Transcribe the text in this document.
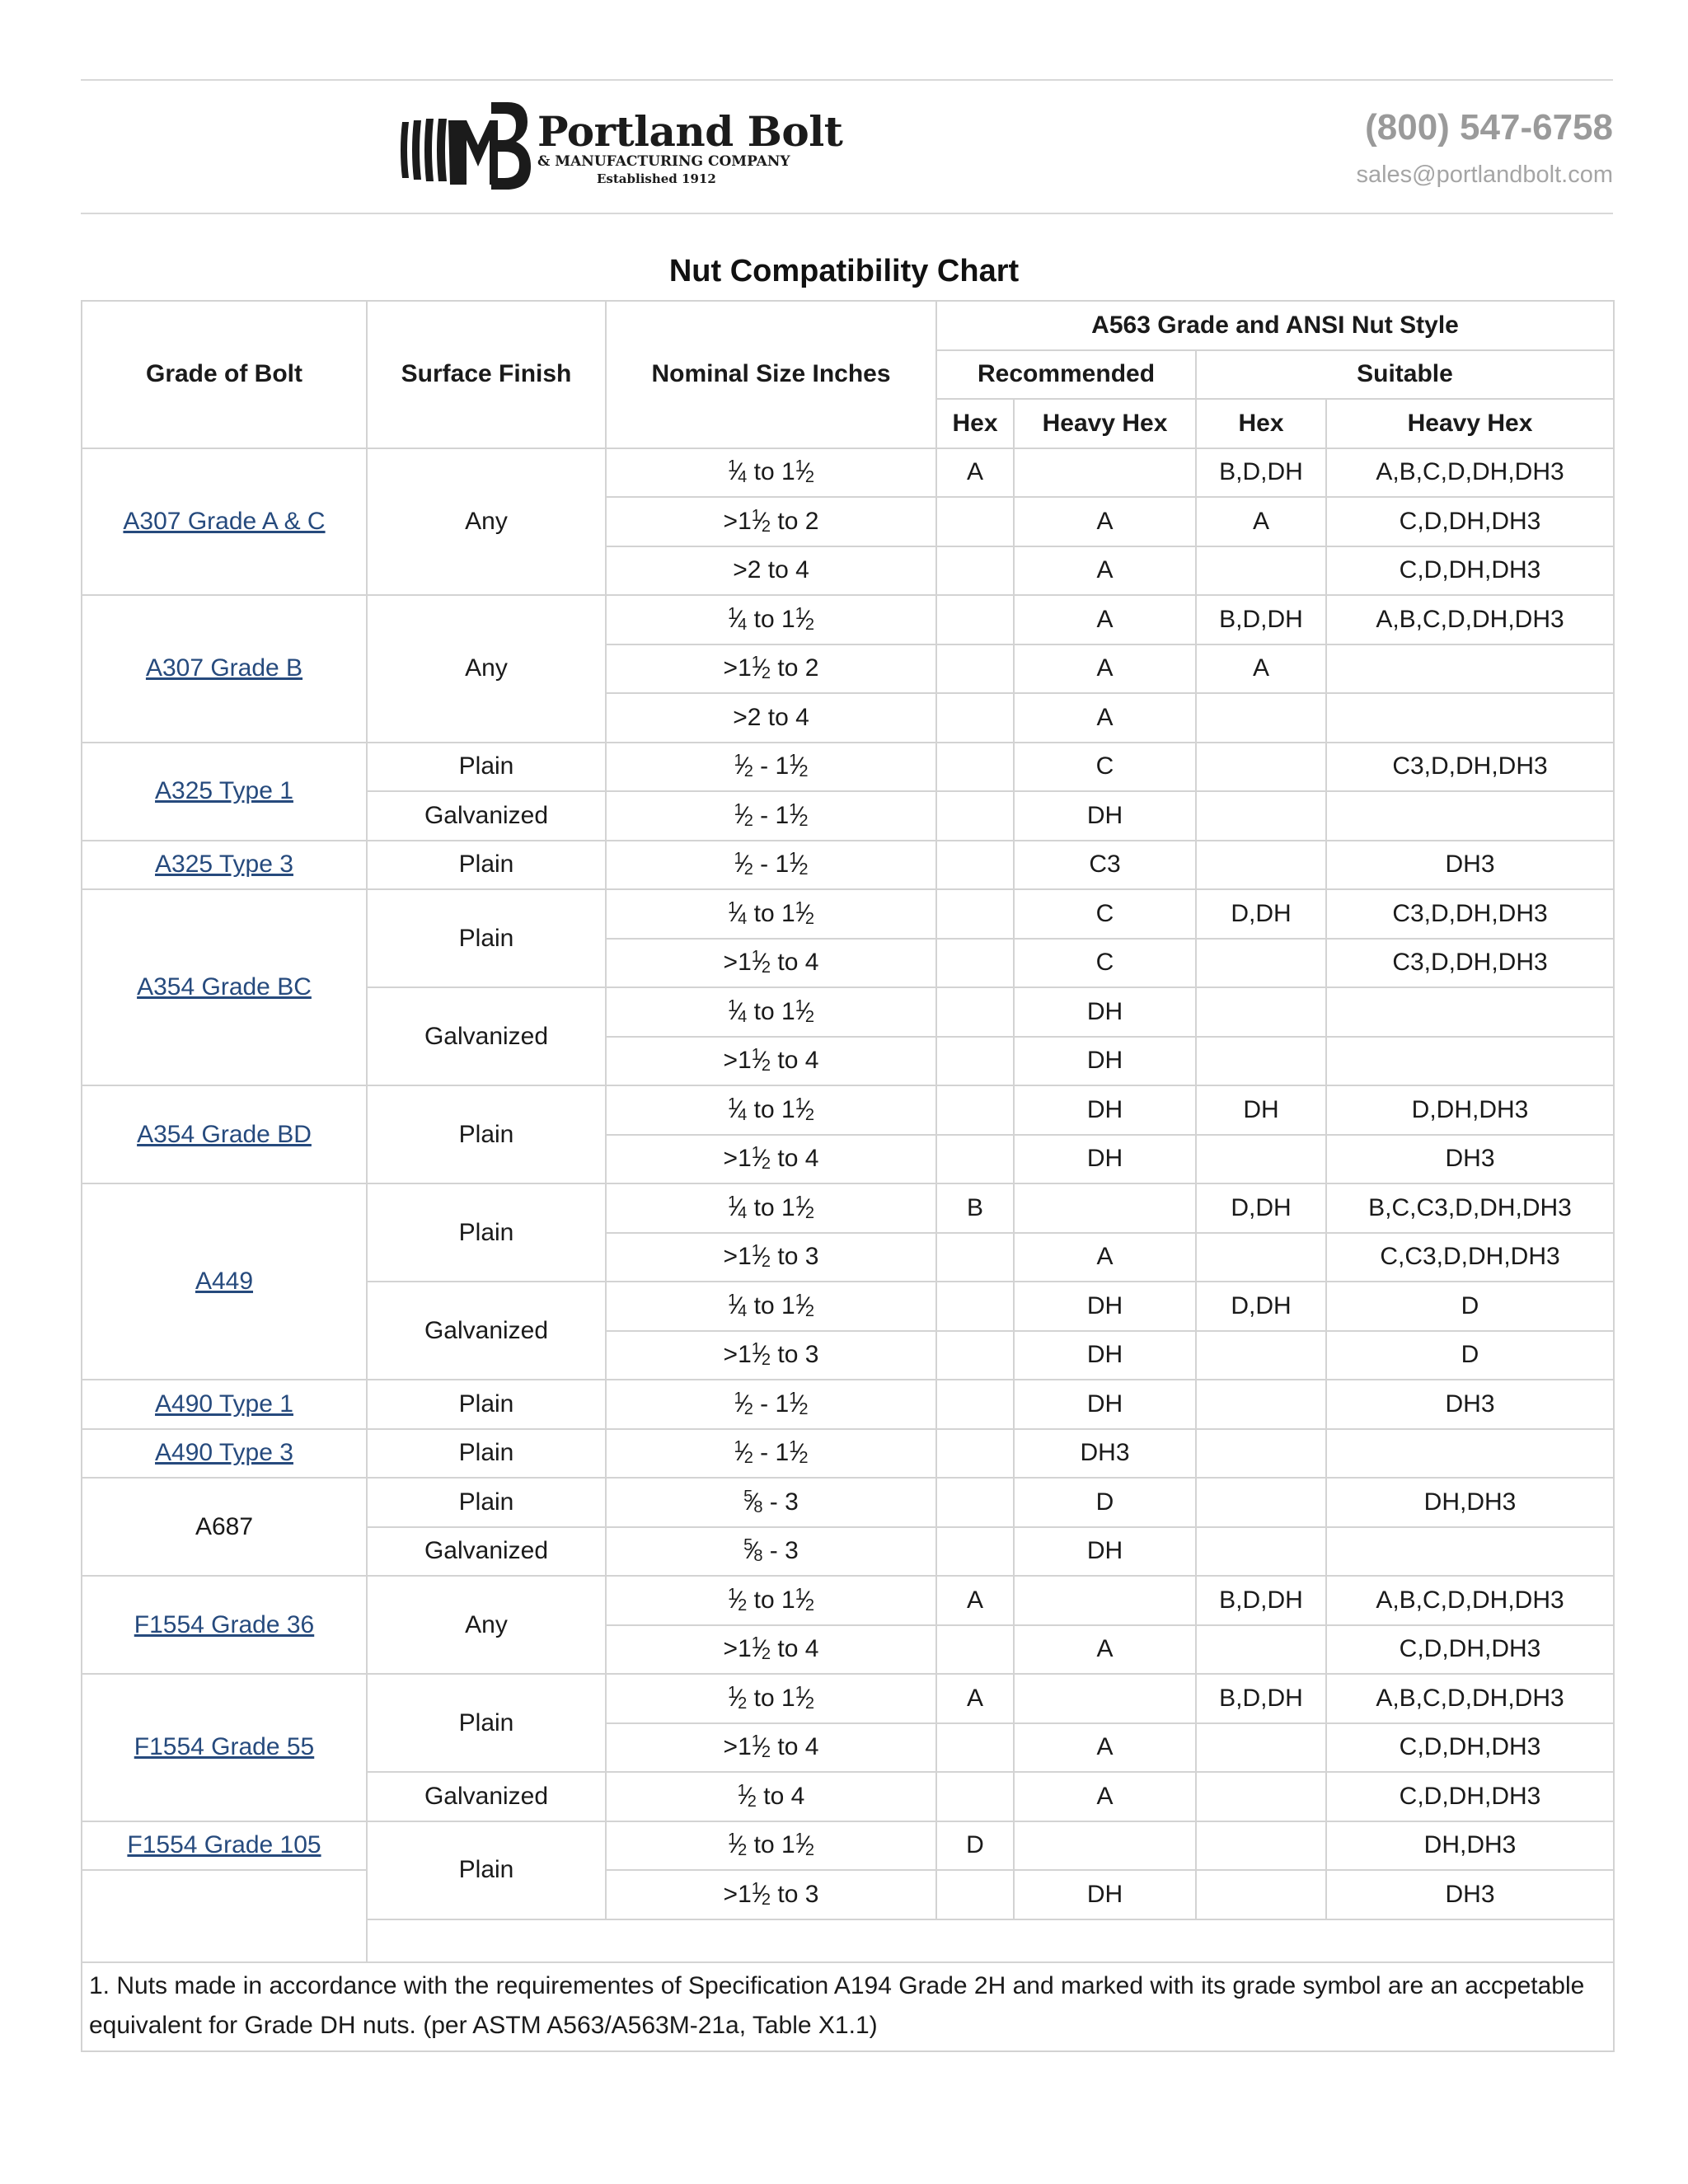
Portland Bolt
& MANUFACTURING COMPANY
Established 1912
(800) 547-6758
sales@portlandbolt.com
Nut Compatibility Chart
Grade of Bolt	Surface Finish	Nominal Size Inches	A563 Grade and ANSI Nut Style			
			Recommended		Suitable	
			Hex	Heavy Hex	Hex	Heavy Hex
A307 Grade A & C	Any	$^1$⁄4 to $1^1⁄2$	A		B,D,DH	A,B,C,D,DH,DH3
		$>1^1⁄2$ to 2		A	A	C,D,DH,DH3
		>2 to 4		A		C,D,DH,DH3
A307 Grade B	Any	$^1$⁄4 to $1^1⁄2$		A	B,D,DH	A,B,C,D,DH,DH3
		$>1^1⁄2$ to 2		A	A	
		>2 to 4		A		
A325 Type 1	Plain	$^1$⁄2 - $1^1⁄2$		C		C3,D,DH,DH3
	Galvanized	$^1$⁄2 - $1^1⁄2$		DH		
A325 Type 3	Plain	$^1$⁄2 - $1^1⁄2$		C3		DH3
A354 Grade BC	Plain	$^1$⁄4 to $1^1⁄2$		C	D,DH	C3,D,DH,DH3
		$>1^1⁄2$ to 4		C		C3,D,DH,DH3
	Galvanized	$^1$⁄4 to $1^1⁄2$		DH		
		$>1^1⁄2$ to 4		DH		
A354 Grade BD	Plain	$^1$⁄4 to $1^1⁄2$		DH	DH	D,DH,DH3
		$>1^1⁄2$ to 4		DH		DH3
A449	Plain	$^1$⁄4 to $1^1⁄2$	B		D,DH	B,C,C3,D,DH,DH3
		$>1^1⁄2$ to 3		A		C,C3,D,DH,DH3
	Galvanized	$^1$⁄4 to $1^1⁄2$		DH	D,DH	D
		$>1^1⁄2$ to 3		DH		D
A490 Type 1	Plain	$^1$⁄2 - $1^1⁄2$		DH		DH3
A490 Type 3	Plain	$^1$⁄2 - $1^1⁄2$		DH3		
A687	Plain	$^5$⁄8 - 3		D		DH,DH3
	Galvanized	$^5$⁄8 - 3		DH		
F1554 Grade 36	Any	$^1$⁄2 to $1^1⁄2$	A		B,D,DH	A,B,C,D,DH,DH3
		$>1^1⁄2$ to 4		A		C,D,DH,DH3
F1554 Grade 55	Plain	$^1$⁄2 to $1^1⁄2$	A		B,D,DH	A,B,C,D,DH,DH3
		$>1^1⁄2$ to 4		A		C,D,DH,DH3
	Galvanized	$^1$⁄2 to 4		A		C,D,DH,DH3
F1554 Grade 105	Plain	$^1$⁄2 to $1^1⁄2$	D			DH,DH3
		$>1^1⁄2$ to 3		DH		DH3

1. Nuts made in accordance with the requirementes of Specification A194 Grade 2H and marked with its grade symbol are an accpetable equivalent for Grade DH nuts. (per ASTM A563/A563M-21a, Table X1.1)						
